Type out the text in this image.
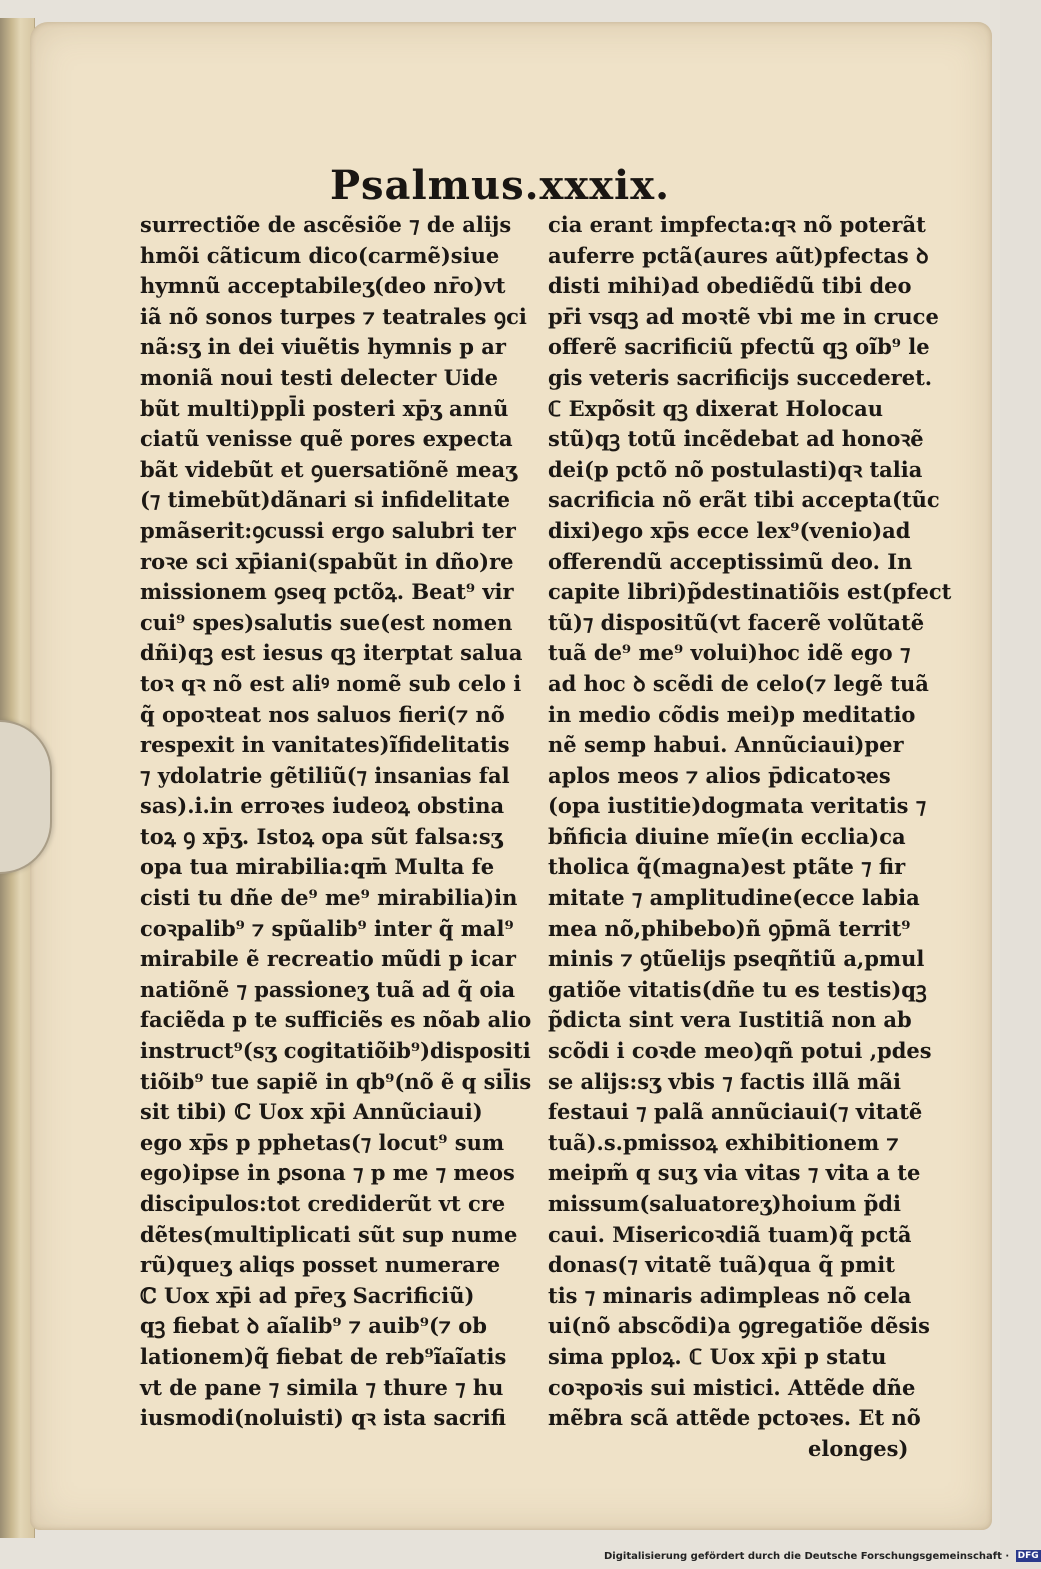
Psalmus.xxxix.
surrectiõe de ascẽsiõe ⁊ de alijs
hmõi cãticum dico(carmẽ)siue
hymnũ acceptabileʒ(deo nr̄o)vt
iã nõ sonos turpes ⁊ teatrales ꝯci
nã:sʒ in dei viuẽtis hymnis p ar
moniã noui testi delecter Uide
bũt multi)ppl̄i posteri xp̄ʒ annũ
ciatũ venisse quẽ pores expecta
bãt videbũt et ꝯuersatiõnẽ meaʒ
(⁊ timebũt)dãnari si infidelitate
pmãserit:ꝯcussi ergo salubri ter
roꝛe sci xp̄iani(spabũt in dño)re
missionem ꝯseq pctõꝝ. Beat⁹ vir
cui⁹ spes)salutis sue(est nomen
dñi)qꝫ est iesus qꝫ iterptat salua
toꝛ qꝛ nõ est aliꝰ nomẽ sub celo i
q̃ opoꝛteat nos saluos fieri(⁊ nõ
respexit in vanitates)ĩfidelitatis
⁊ ydolatrie gẽtiliũ(⁊ insanias fal
sas).i.in erroꝛes iudeoꝝ obstina
toꝝ ꝯ xp̄ʒ. Istoꝝ opa sũt falsa:sʒ
opa tua mirabilia:qm̄ Multa fe
cisti tu dñe de⁹ me⁹ mirabilia)in
coꝛpalib⁹ ⁊ spũalib⁹ inter q̃ mal⁹
mirabile ẽ recreatio mũdi p icar
natiõnẽ ⁊ passioneʒ tuã ad q̃ oia
faciẽda p te sufficiẽs es nõab alio
instruct⁹(sʒ cogitatiõib⁹)dispositi
tiõib⁹ tue sapiẽ in qb⁹(nõ ẽ q sil̄is
sit tibi) ℂ Uox xp̄i Annũciaui)
ego xp̄s p pphetas(⁊ locut⁹ sum
ego)ipse in ꝑsona ⁊ p me ⁊ meos
discipulos:tot crediderũt vt cre
dẽtes(multiplicati sũt sup nume
rũ)queʒ aliqs posset numerare
ℂ Uox xp̄i ad pr̄eʒ Sacrificiũ)
qꝫ fiebat ꝺ aĩalib⁹ ⁊ auib⁹(⁊ ob
lationem)q̃ fiebat de reb⁹ĩaĩatis
vt de pane ⁊ simila ⁊ thure ⁊ hu
iusmodi(noluisti) qꝛ ista sacrifi
cia erant impfecta:qꝛ nõ poterãt
auferre pctã(aures aũt)pfectas ꝺ
disti mihi)ad obediẽdũ tibi deo
pr̄i vsqꝫ ad moꝛtẽ vbi me in cruce
offerẽ sacrificiũ pfectũ qꝫ oĩb⁹ le
gis veteris sacrificijs succederet.
ℂ Expõsit qꝫ dixerat Holocau
stũ)qꝫ totũ incẽdebat ad honoꝛẽ
dei(p pctõ nõ postulasti)qꝛ talia
sacrificia nõ erãt tibi accepta(tũc
dixi)ego xp̄s ecce lex⁹(venio)ad
offerendũ acceptissimũ deo. In
capite libri)p̃destinatiõis est(pfect
tũ)⁊ dispositũ(vt facerẽ volũtatẽ
tuã de⁹ me⁹ volui)hoc idẽ ego ⁊
ad hoc ꝺ scẽdi de celo(⁊ legẽ tuã
in medio cõdis mei)p meditatio
nẽ semp habui. Annũciaui)per
aplos meos ⁊ alios p̄dicatoꝛes
(opa iustitie)dogmata veritatis ⁊
bñficia diuine mĩe(in ecclia)ca
tholica q̃(magna)est ptãte ⁊ fir
mitate ⁊ amplitudine(ecce labia
mea nõ,phibebo)ñ ꝯp̄mã territ⁹
minis ⁊ ꝯtũelijs pseqñtiũ a,pmul
gatiõe vitatis(dñe tu es testis)qꝫ
p̃dicta sint vera Iustitiã non ab
scõdi i coꝛde meo)qñ potui ,pdes
se alijs:sʒ vbis ⁊ factis illã mãi
festaui ⁊ palã annũciaui(⁊ vitatẽ
tuã).s.pmissoꝝ exhibitionem ⁊
meipm̃ q suʒ via vitas ⁊ vita a te
missum(saluatoreʒ)hoium p̃di
caui. Misericoꝛdiã tuam)q̃ pctã
donas(⁊ vitatẽ tuã)qua q̃ pmit
tis ⁊ minaris adimpleas nõ cela
ui(nõ abscõdi)a ꝯgregatiõe dẽsis
sima pploꝝ. ℂ Uox xp̄i p statu
coꝛpoꝛis sui mistici. Attẽde dñe
mẽbra scã attẽde pctoꝛes. Et nõ
elonges)
Digitalisierung gefördert durch die Deutsche Forschungsgemeinschaft · DFG
